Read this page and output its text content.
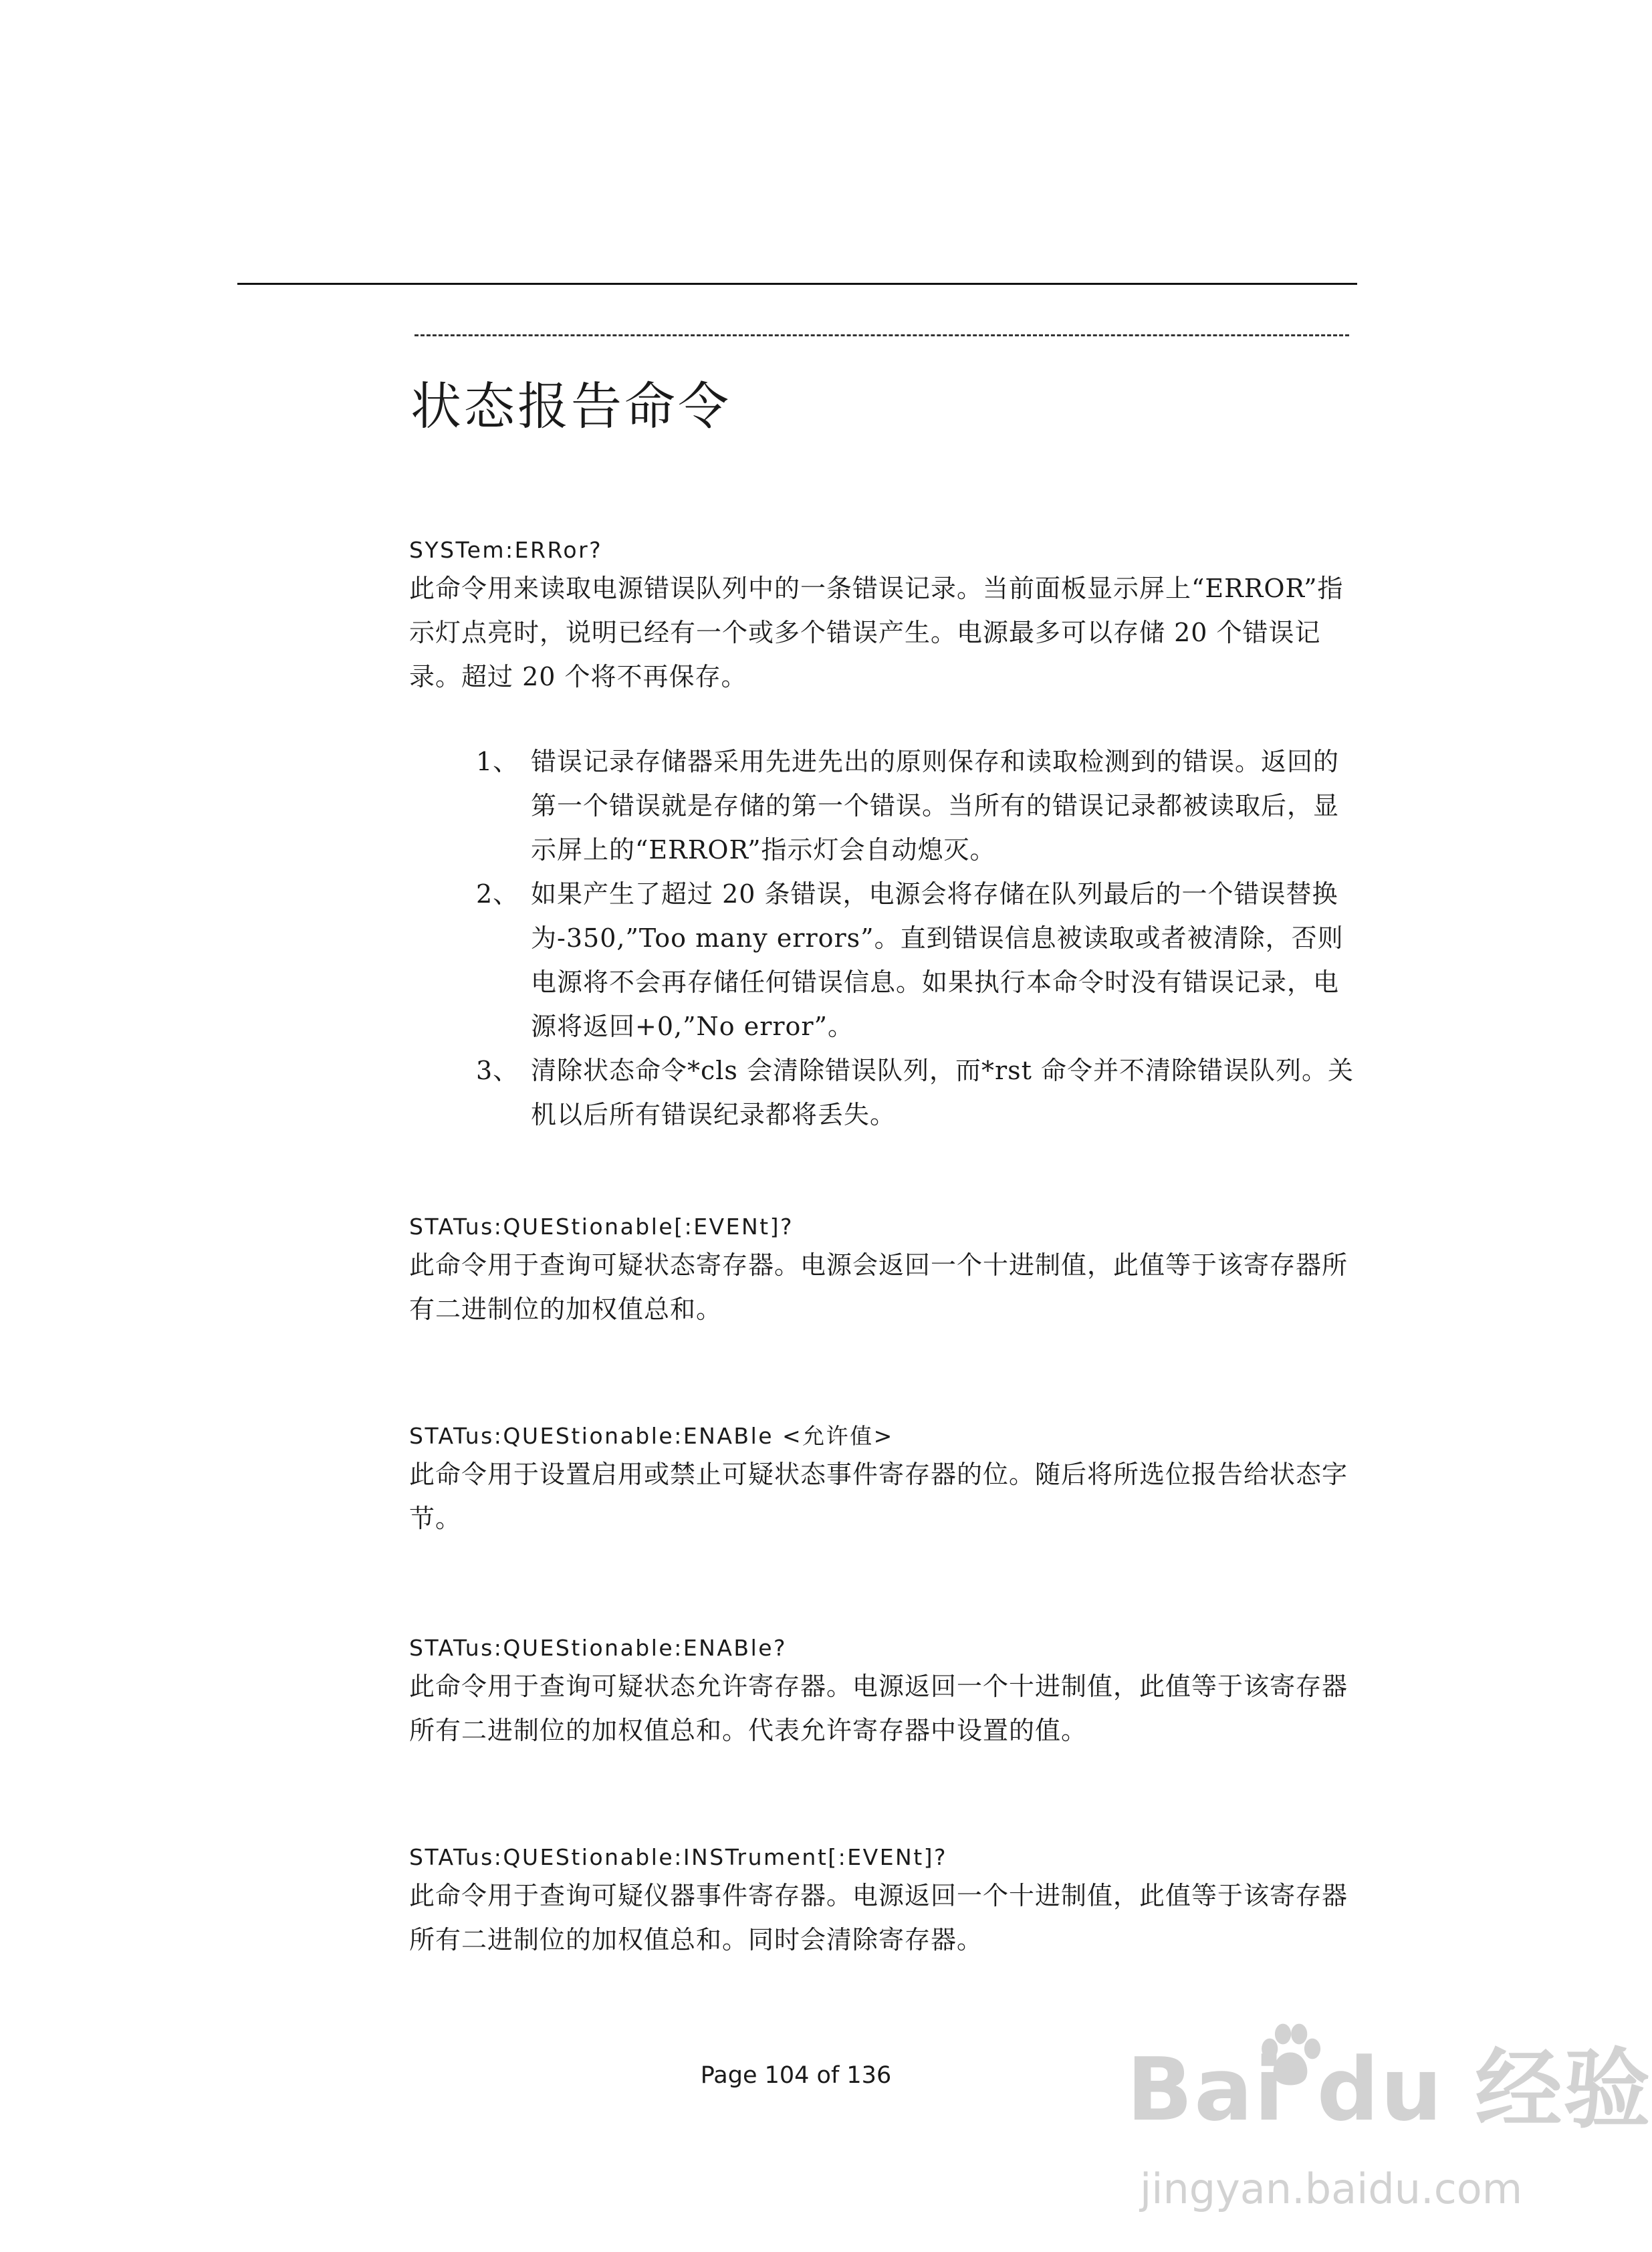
状态报告命令
SYSTem:ERRor?

此命令用来读取电源错误队列中的一条错误记录。当前面板显示屏上“ERROR”指示灯点亮时，说明已经有一个或多个错误产生。电源最多可以存储 20 个错误记录。超过 20 个将不再保存。

1、 错误记录存储器采用先进先出的原则保存和读取检测到的错误。返回的第一个错误就是存储的第一个错误。当所有的错误记录都被读取后，显示屏上的“ERROR”指示灯会自动熄灭。
2、 如果产生了超过 20 条错误，电源会将存储在队列最后的一个错误替换为-350,”Too many errors”。直到错误信息被读取或者被清除，否则电源将不会再存储任何错误信息。如果执行本命令时没有错误记录，电源将返回+0,”No error”。
3、 清除状态命令*cls 会清除错误队列，而*rst 命令并不清除错误队列。关机以后所有错误纪录都将丢失。
STATus:QUEStionable[:EVENt]?

此命令用于查询可疑状态寄存器。电源会返回一个十进制值，此值等于该寄存器所有二进制位的加权值总和。

STATus:QUEStionable:ENABle <允许值>

此命令用于设置启用或禁止可疑状态事件寄存器的位。随后将所选位报告给状态字节。

STATus:QUEStionable:ENABle?

此命令用于查询可疑状态允许寄存器。电源返回一个十进制值，此值等于该寄存器所有二进制位的加权值总和。代表允许寄存器中设置的值。

STATus:QUEStionable:INSTrument[:EVENt]?

此命令用于查询可疑仪器事件寄存器。电源返回一个十进制值，此值等于该寄存器所有二进制位的加权值总和。同时会清除寄存器。

Page 104 of 136	Bai du 经验
jingyan.baidu.com
